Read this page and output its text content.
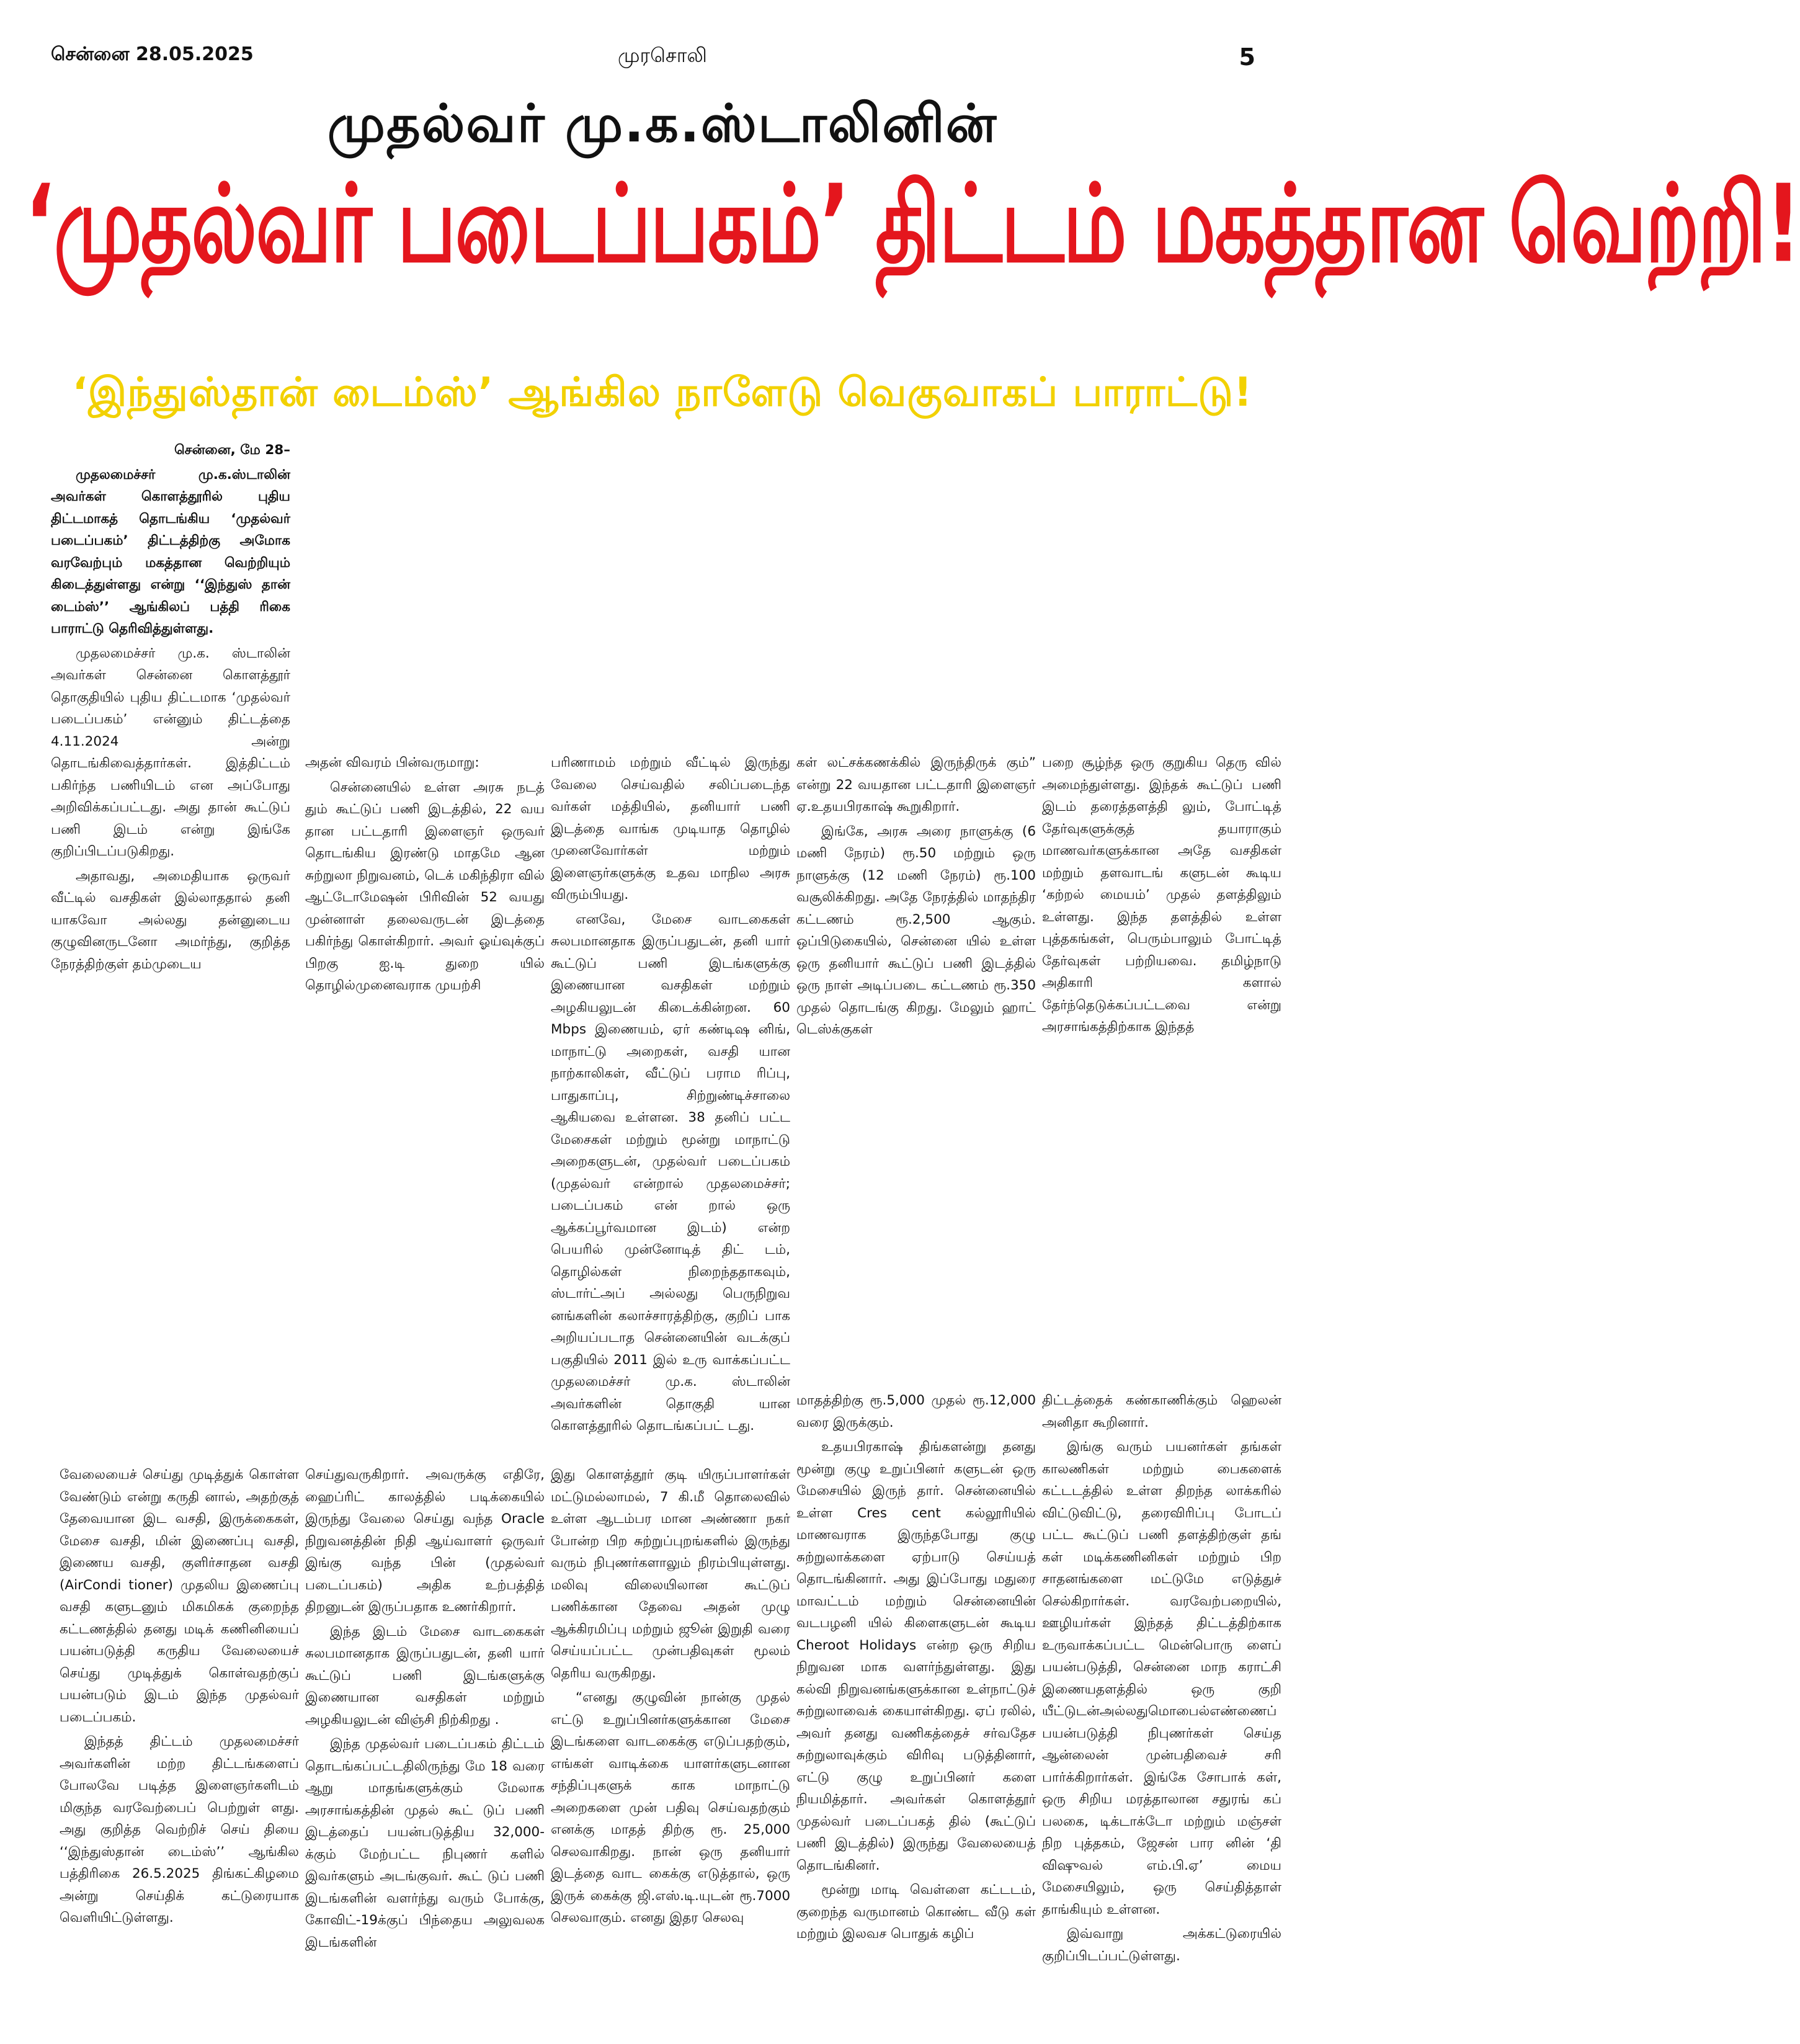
சென்னை 28.05.2025	முரசொலி	5
முதல்வர் மு.க.ஸ்டாலினின்
‘முதல்வர் படைப்பகம்’ திட்டம் மகத்தான வெற்றி!
‘இந்துஸ்தான் டைம்ஸ்’ ஆங்கில நாளேடு வெகுவாகப் பாராட்டு!

சென்னை, மே 28–

முதலமைச்சர் மு.க.ஸ்டாலின் அவர்கள் கொளத்தூரில் புதிய திட்டமாகத் தொடங்கிய ‘முதல்வர் படைப்பகம்’ திட்டத்திற்கு அமோக வரவேற்பும் மகத்தான வெற்றியும் கிடைத்துள்ளது என்று ‘‘இந்துஸ் தான் டைம்ஸ்’’ ஆங்கிலப் பத்தி ரிகை பாராட்டு தெரிவித்துள்ளது.

முதலமைச்சர் மு.க. ஸ்டாலின் அவர்கள் சென்னை கொளத்தூர் தொகுதியில் புதிய திட்டமாக ‘முதல்வர் படைப்பகம்’ என்னும் திட்டத்தை 4.11.2024 அன்று தொடங்கிவைத்தார்கள். இத்திட்டம் பகிர்ந்த பணியிடம் என அப்போது அறிவிக்கப்பட்டது. அது தான் கூட்டுப் பணி இடம் என்று இங்கே குறிப்பிடப்படுகிறது.

அதாவது, அமைதியாக ஒருவர் வீட்டில் வசதிகள் இல்லாததால் தனி யாகவோ அல்லது தன்னுடைய குழுவினருடனோ அமர்ந்து, குறித்த நேரத்திற்குள் தம்முடைய

அதன் விவரம் பின்வருமாறு:

சென்னையில் உள்ள அரசு நடத் தும் கூட்டுப் பணி இடத்தில், 22 வய தான பட்டதாரி இளைஞர் ஒருவர் தொடங்கிய இரண்டு மாதமே ஆன சுற்றுலா நிறுவனம், டெக் மகிந்திரா வில் ஆட்டோமேஷன் பிரிவின் 52 வயது முன்னாள் தலைவருடன் இடத்தை பகிர்ந்து கொள்கிறார். அவர் ஓய்வுக்குப் பிறகு ஐ.டி துறை யில் தொழில்முனைவராக முயற்சி

பரிணாமம் மற்றும் வீட்டில் இருந்து வேலை செய்வதில் சலிப்படைந்த வர்கள் மத்தியில், தனியார் பணி இடத்தை வாங்க முடியாத தொழில் முனைவோர்கள் மற்றும் இளைஞர்களுக்கு உதவ மாநில அரசு விரும்பியது.

எனவே, மேசை வாடகைகள் சுலபமானதாக இருப்பதுடன், தனி யார் கூட்டுப் பணி இடங்களுக்கு இணையான வசதிகள் மற்றும் அழகியலுடன் கிடைக்கின்றன. 60 Mbps இணையம், ஏர் கண்டிஷ னிங், மாநாட்டு அறைகள், வசதி யான நாற்காலிகள், வீட்டுப் பராம ரிப்பு, பாதுகாப்பு, சிற்றுண்டிச்சாலை ஆகியவை உள்ளன. 38 தனிப் பட்ட மேசைகள் மற்றும் மூன்று மாநாட்டு அறைகளுடன், முதல்வர் படைப்பகம் (முதல்வர் என்றால் முதலமைச்சர்; படைப்பகம் என் றால் ஒரு ஆக்கப்பூர்வமான இடம்) என்ற பெயரில் முன்னோடித் திட் டம், தொழில்கள் நிறைந்ததாகவும், ஸ்டார்ட்அப் அல்லது பெருநிறுவ னங்களின் கலாச்சாரத்திற்கு, குறிப் பாக அறியப்படாத சென்னையின் வடக்குப் பகுதியில் 2011 இல் உரு வாக்கப்பட்ட முதலமைச்சர் மு.க. ஸ்டாலின் அவர்களின் தொகுதி யான கொளத்தூரில் தொடங்கப்பட் டது.

கள் லட்சக்கணக்கில் இருந்திருக் கும்” என்று 22 வயதான பட்டதாரி இளைஞர் ஏ.உதயபிரகாஷ் கூறுகிறார்.

இங்கே, அரசு அரை நாளுக்கு (6 மணி நேரம்) ரூ.50 மற்றும் ஒரு நாளுக்கு (12 மணி நேரம்) ரூ.100 வசூலிக்கிறது. அதே நேரத்தில் மாதந்திர கட்டணம் ரூ.2,500 ஆகும். ஒப்பிடுகையில், சென்னை யில் உள்ள ஒரு தனியார் கூட்டுப் பணி இடத்தில் ஒரு நாள் அடிப்படை கட்டணம் ரூ.350 முதல் தொடங்கு கிறது. மேலும் ஹாட் டெஸ்க்குகள்

பறை சூழ்ந்த ஒரு குறுகிய தெரு வில் அமைந்துள்ளது. இந்தக் கூட்டுப் பணி இடம் தரைத்தளத்தி லும், போட்டித் தேர்வுகளுக்குத் தயாராகும் மாணவர்களுக்கான அதே வசதிகள் மற்றும் தளவாடங் களுடன் கூடிய ‘கற்றல் மையம்’ முதல் தளத்திலும் உள்ளது. இந்த தளத்தில் உள்ள புத்தகங்கள், பெரும்பாலும் போட்டித் தேர்வுகள் பற்றியவை. தமிழ்நாடு அதிகாரி களால் தேர்ந்தெடுக்கப்பட்டவை என்று அரசாங்கத்திற்காக இந்தத்

வேலையைச் செய்து முடித்துக் கொள்ள வேண்டும் என்று கருதி னால், அதற்குத் தேவையான இட வசதி, இருக்கைகள், மேசை வசதி, மின் இணைப்பு வசதி, இணைய வசதி, குளிர்சாதன வசதி (AirCondi tioner) முதலிய இணைப்பு வசதி களுடனும் மிகமிகக் குறைந்த கட்டணத்தில் தனது மடிக் கணினியைப் பயன்படுத்தி கருதிய வேலையைச் செய்து முடித்துக் கொள்வதற்குப் பயன்படும் இடம் இந்த முதல்வர் படைப்பகம்.

இந்தத் திட்டம் முதலமைச்சர் அவர்களின் மற்ற திட்டங்களைப் போலவே படித்த இளைஞர்களிடம் மிகுந்த வரவேற்பைப் பெற்றுள் ளது. அது குறித்த வெற்றிச் செய் தியை ‘‘இந்துஸ்தான் டைம்ஸ்’’ ஆங்கில பத்திரிகை 26.5.2025 திங்கட்கிழமை அன்று செய்திக் கட்டுரையாக வெளியிட்டுள்ளது.

செய்துவருகிறார். அவருக்கு எதிரே, ஹைப்ரிட் காலத்தில் படிக்கையில் இருந்து வேலை செய்து வந்த Oracle நிறுவனத்தின் நிதி ஆய்வாளர் ஒருவர் இங்கு வந்த பின் (முதல்வர் படைப்பகம்) அதிக உற்பத்தித் திறனுடன் இருப்பதாக உணர்கிறார்.

இந்த இடம் மேசை வாடகைகள் சுலபமானதாக இருப்பதுடன், தனி யார் கூட்டுப் பணி இடங்களுக்கு இணையான வசதிகள் மற்றும் அழகியலுடன் விஞ்சி நிற்கிறது .

இந்த முதல்வர் படைப்பகம் திட்டம் தொடங்கப்பட்டதிலிருந்து மே 18 வரை ஆறு மாதங்களுக்கும் மேலாக அரசாங்கத்தின் முதல் கூட் டுப் பணி இடத்தைப் பயன்படுத்திய 32,000-க்கும் மேற்பட்ட நிபுணர் களில் இவர்களும் அடங்குவர். கூட் டுப் பணி இடங்களின் வளர்ந்து வரும் போக்கு, கோவிட்-19க்குப் பிந்தைய அலுவலக இடங்களின்

இது கொளத்தூர் குடி யிருப்பாளர்கள் மட்டுமல்லாமல், 7 கி.மீ தொலைவில் உள்ள ஆடம்பர மான அண்ணா நகர் போன்ற பிற சுற்றுப்புறங்களில் இருந்து வரும் நிபுணர்களாலும் நிரம்பியுள்ளது. மலிவு விலையிலான கூட்டுப் பணிக்கான தேவை அதன் முழு ஆக்கிரமிப்பு மற்றும் ஜூன் இறுதி வரை செய்யப்பட்ட முன்பதிவுகள் மூலம் தெரிய வருகிறது.

“எனது குழுவின் நான்கு முதல் எட்டு உறுப்பினர்களுக்கான மேசை இடங்களை வாடகைக்கு எடுப்பதற்கும், எங்கள் வாடிக்கை யாளர்களுடனான சந்திப்புகளுக் காக மாநாட்டு அறைகளை முன் பதிவு செய்வதற்கும் எனக்கு மாதத் திற்கு ரூ. 25,000 செலவாகிறது. நான் ஒரு தனியார் இடத்தை வாட கைக்கு எடுத்தால், ஒரு இருக் கைக்கு ஜி.எஸ்.டி.யுடன் ரூ.7000 செலவாகும். எனது இதர செலவு

மாதத்திற்கு ரூ.5,000 முதல் ரூ.12,000 வரை இருக்கும்.

உதயபிரகாஷ் திங்களன்று தனது மூன்று குழு உறுப்பினர் களுடன் ஒரு மேசையில் இருந் தார். சென்னையில் உள்ள Cres cent கல்லூரியில் மாணவராக இருந்தபோது குழு சுற்றுலாக்களை ஏற்பாடு செய்யத் தொடங்கினார். அது இப்போது மதுரை மாவட்டம் மற்றும் சென்னையின் வடபழனி யில் கிளைகளுடன் கூடிய Cheroot Holidays என்ற ஒரு சிறிய நிறுவன மாக வளர்ந்துள்ளது. இது கல்வி நிறுவனங்களுக்கான உள்நாட்டுச் சுற்றுலாவைக் கையாள்கிறது. ஏப் ரலில், அவர் தனது வணிகத்தைச் சர்வதேச சுற்றுலாவுக்கும் விரிவு படுத்தினார், எட்டு குழு உறுப்பினர் களை நியமித்தார். அவர்கள் கொளத்தூர் முதல்வர் படைப்பகத் தில் (கூட்டுப் பணி இடத்தில்) இருந்து வேலையைத் தொடங்கினர்.

மூன்று மாடி வெள்ளை கட்டடம், குறைந்த வருமானம் கொண்ட வீடு கள் மற்றும் இலவச பொதுக் கழிப்

திட்டத்தைக் கண்காணிக்கும் ஹெலன் அனிதா கூறினார்.

இங்கு வரும் பயனர்கள் தங்கள் காலணிகள் மற்றும் பைகளைக் கட்டடத்தில் உள்ள திறந்த லாக்கரில் விட்டுவிட்டு, தரைவிரிப்பு போடப் பட்ட கூட்டுப் பணி தளத்திற்குள் தங் கள் மடிக்கணினிகள் மற்றும் பிற சாதனங்களை மட்டுமே எடுத்துச் செல்கிறார்கள். வரவேற்பறையில், ஊழியர்கள் இந்தத் திட்டத்திற்காக உருவாக்கப்பட்ட மென்பொரு ளைப் பயன்படுத்தி, சென்னை மாந கராட்சி இணையதளத்தில் ஒரு குறி யீட்டுடன்அல்லதுமொபைல்எண்ணைப் பயன்படுத்தி நிபுணர்கள் செய்த ஆன்லைன் முன்பதிவைச் சரி பார்க்கிறார்கள். இங்கே சோபாக் கள், ஒரு சிறிய மரத்தாலான சதுரங் கப் பலகை, டிக்டாக்டோ மற்றும் மஞ்சள் நிற புத்தகம், ஜேசன் பார னின் ‘தி விஷுவல் எம்.பி.ஏ’ மைய மேசையிலும், ஒரு செய்தித்தாள் தாங்கியும் உள்ளன.

இவ்வாறு அக்கட்டுரையில் குறிப்பிடப்பட்டுள்ளது.
